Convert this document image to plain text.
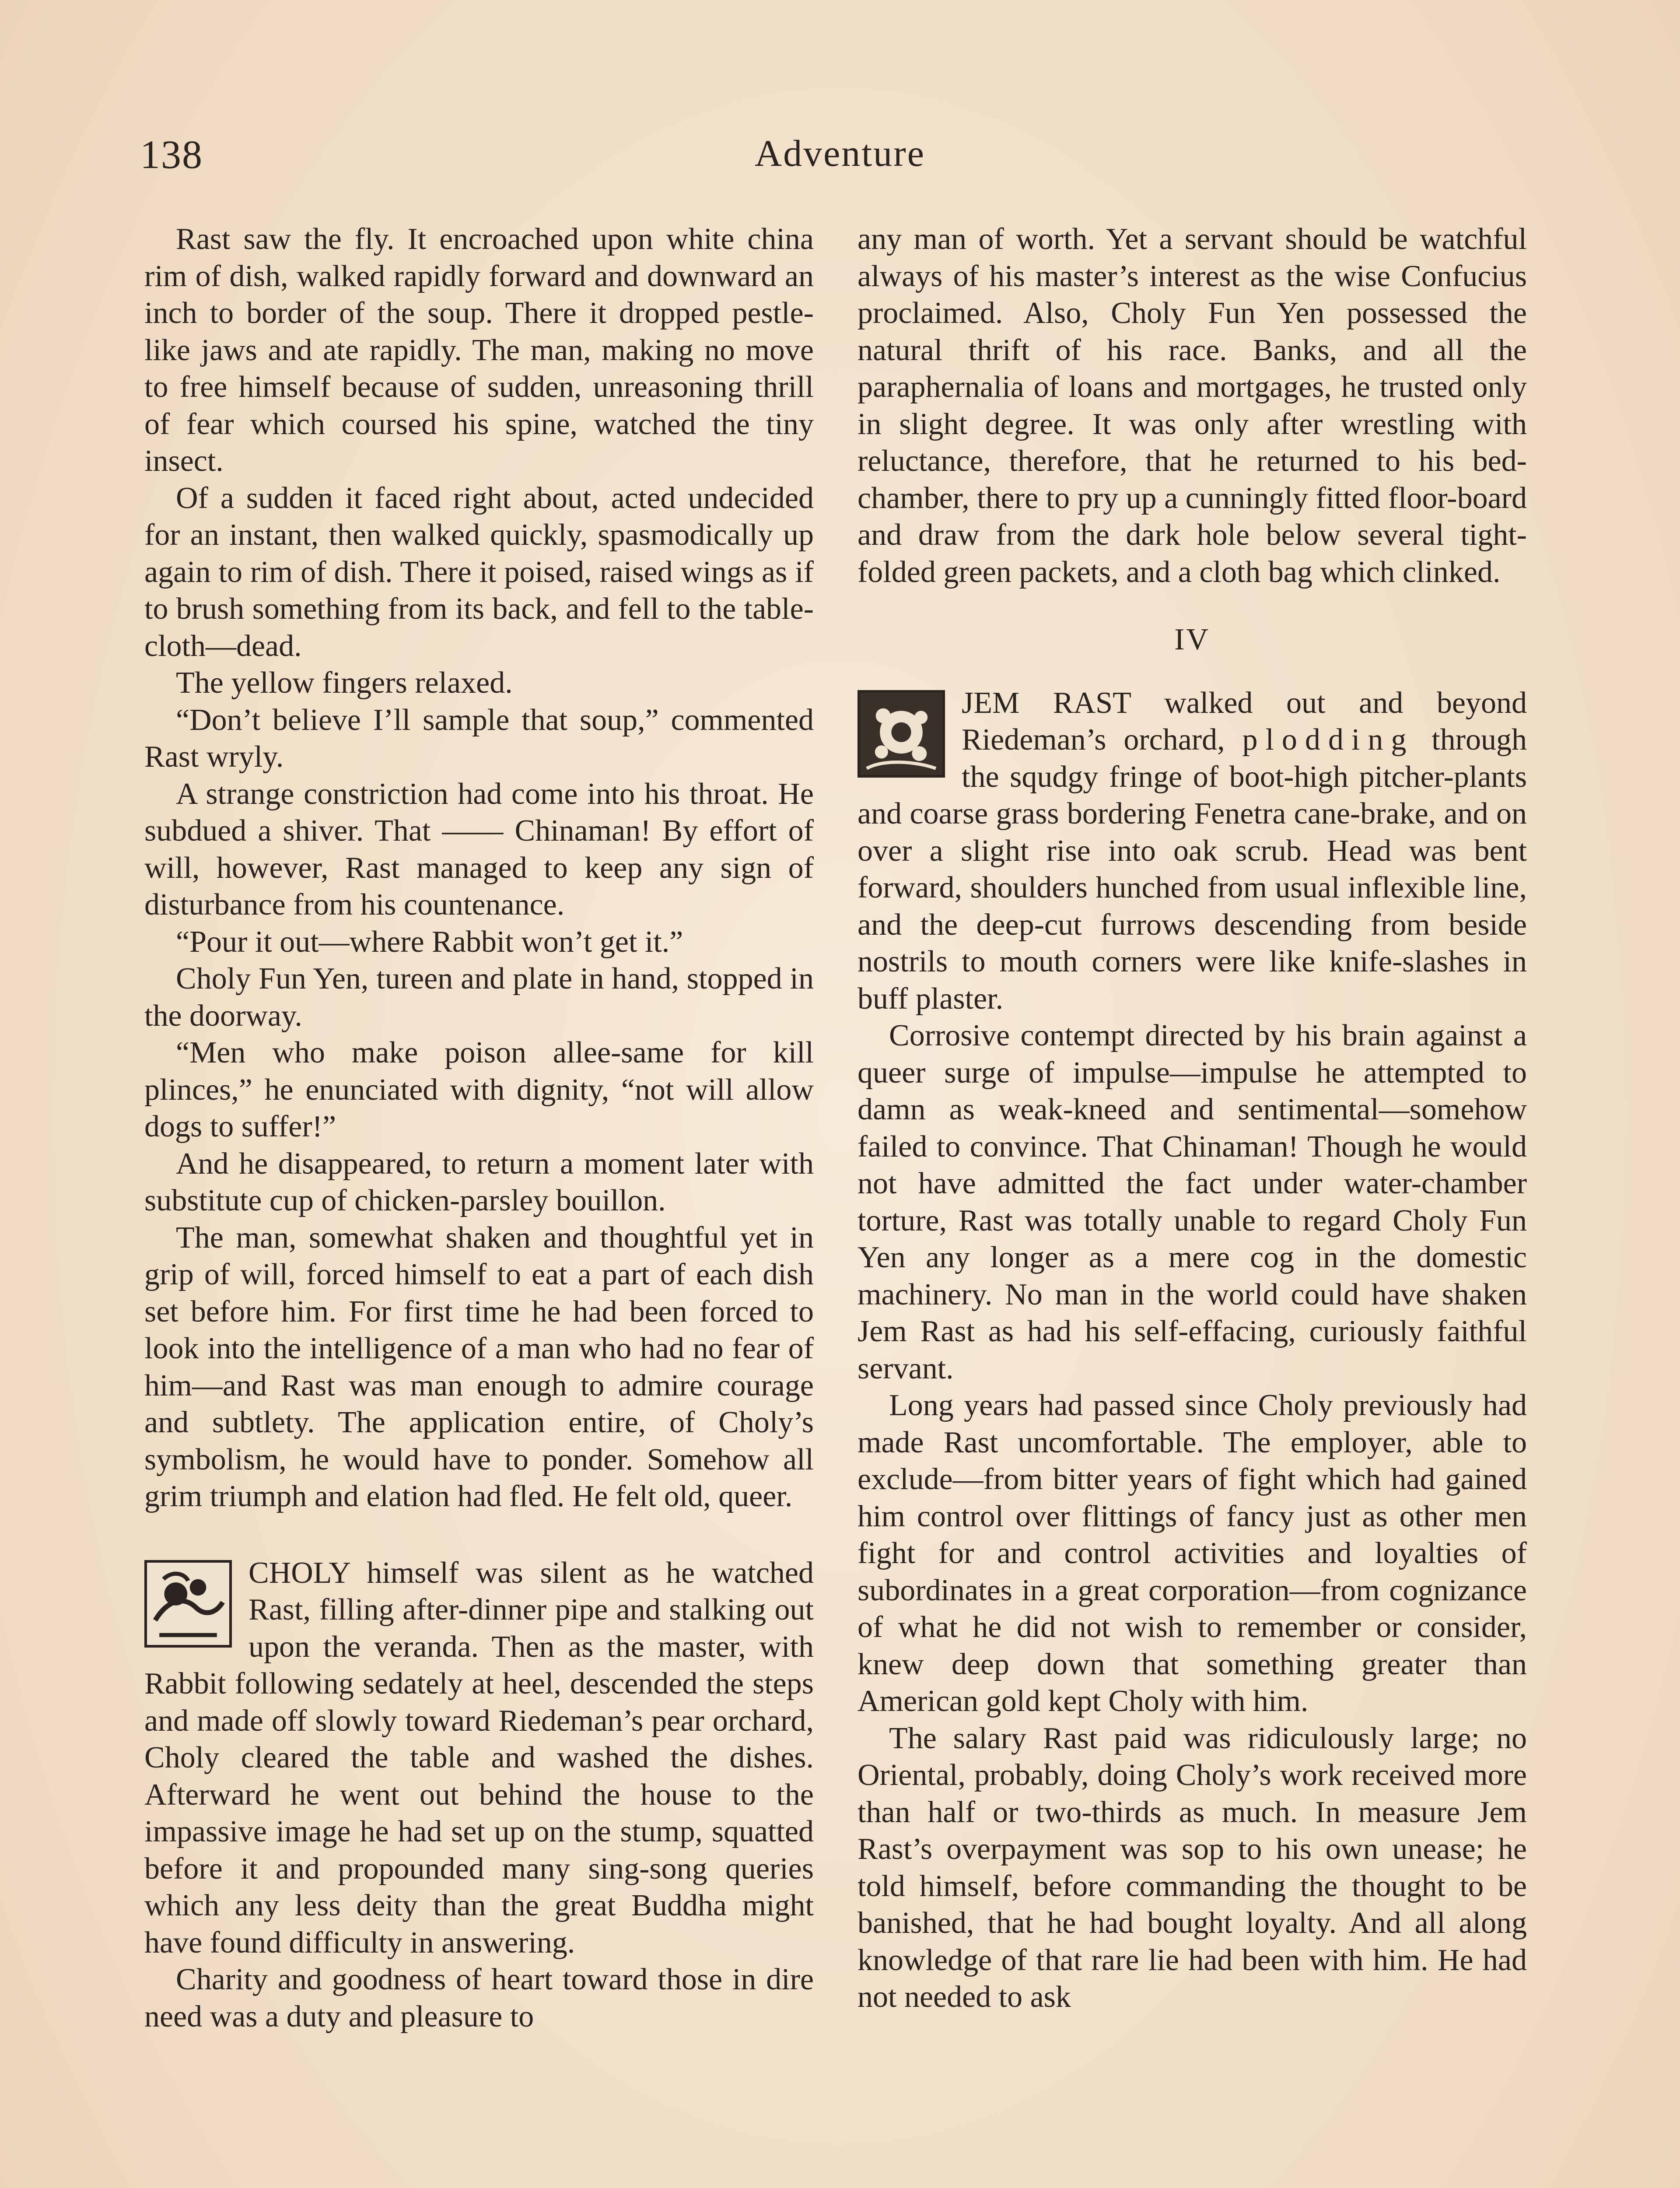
138	Adventure

Rast saw the fly. It encroached upon white china rim of dish, walked rapidly forward and downward an inch to border of the soup. There it dropped pestle-like jaws and ate rapidly. The man, making no move to free himself because of sudden, unreasoning thrill of fear which coursed his spine, watched the tiny insect.

Of a sudden it faced right about, acted undecided for an instant, then walked quickly, spasmodically up again to rim of dish. There it poised, raised wings as if to brush something from its back, and fell to the table-cloth—dead.

The yellow fingers relaxed.

“Don’t believe I’ll sample that soup,” commented Rast wryly.

A strange constriction had come into his throat. He subdued a shiver. That —— Chinaman! By effort of will, however, Rast managed to keep any sign of disturbance from his countenance.

“Pour it out—where Rabbit won’t get it.”

Choly Fun Yen, tureen and plate in hand, stopped in the doorway.

“Men who make poison allee-same for kill plinces,” he enunciated with dignity, “not will allow dogs to suffer!”

And he disappeared, to return a moment later with substitute cup of chicken-parsley bouillon.

The man, somewhat shaken and thoughtful yet in grip of will, forced himself to eat a part of each dish set before him. For first time he had been forced to look into the intelligence of a man who had no fear of him—and Rast was man enough to admire courage and subtlety. The application entire, of Choly’s symbolism, he would have to ponder. Somehow all grim triumph and elation had fled. He felt old, queer.

CHOLY himself was silent as he watched Rast, filling after-dinner pipe and stalking out upon the veranda. Then as the master, with Rabbit following sedately at heel, descended the steps and made off slowly toward Riedeman’s pear orchard, Choly cleared the table and washed the dishes. Afterward he went out behind the house to the impassive image he had set up on the stump, squatted before it and propounded many sing-song queries which any less deity than the great Buddha might have found difficulty in answering.

Charity and goodness of heart toward those in dire need was a duty and pleasure to

any man of worth. Yet a servant should be watchful always of his master’s interest as the wise Confucius proclaimed. Also, Choly Fun Yen possessed the natural thrift of his race. Banks, and all the paraphernalia of loans and mortgages, he trusted only in slight degree. It was only after wrestling with reluctance, therefore, that he returned to his bed-chamber, there to pry up a cunningly fitted floor-board and draw from the dark hole below several tight-folded green packets, and a cloth bag which clinked.

IV

JEM RAST walked out and beyond Riedeman’s orchard, plodding through the squdgy fringe of boot-high pitcher-plants and coarse grass bordering Fenetra cane-brake, and on over a slight rise into oak scrub. Head was bent forward, shoulders hunched from usual inflexible line, and the deep-cut furrows descending from beside nostrils to mouth corners were like knife-slashes in buff plaster.

Corrosive contempt directed by his brain against a queer surge of impulse—impulse he attempted to damn as weak-kneed and sentimental—somehow failed to convince. That Chinaman! Though he would not have admitted the fact under water-chamber torture, Rast was totally unable to regard Choly Fun Yen any longer as a mere cog in the domestic machinery. No man in the world could have shaken Jem Rast as had his self-effacing, curiously faithful servant.

Long years had passed since Choly previously had made Rast uncomfortable. The employer, able to exclude—from bitter years of fight which had gained him control over flittings of fancy just as other men fight for and control activities and loyalties of subordinates in a great corporation—from cognizance of what he did not wish to remember or consider, knew deep down that something greater than American gold kept Choly with him.

The salary Rast paid was ridiculously large; no Oriental, probably, doing Choly’s work received more than half or two-thirds as much. In measure Jem Rast’s overpayment was sop to his own unease; he told himself, before commanding the thought to be banished, that he had bought loyalty. And all along knowledge of that rare lie had been with him. He had not needed to ask
